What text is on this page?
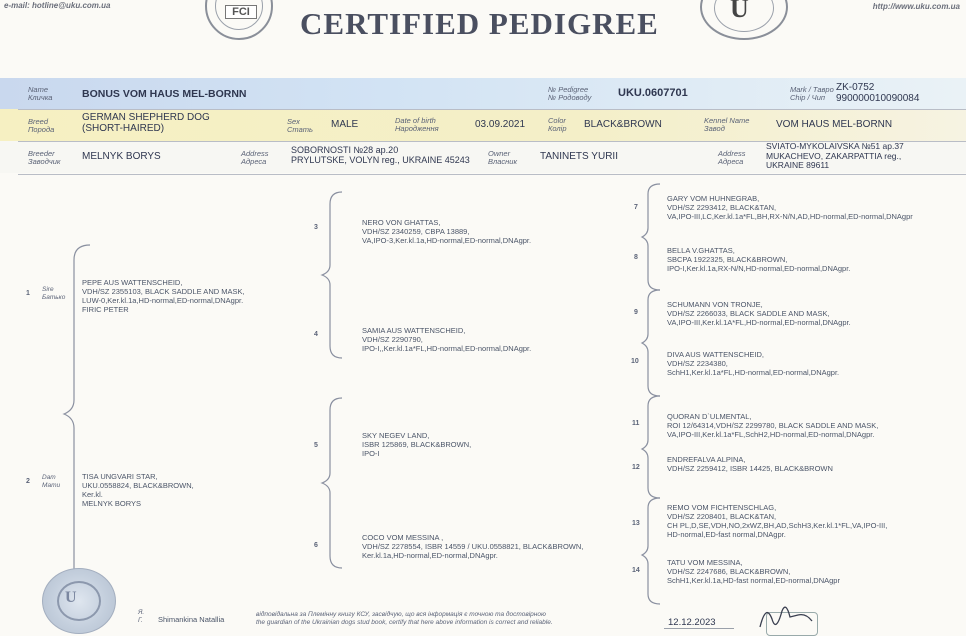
e-mail: hotline@uku.com.ua	http://www.uku.com.ua
FCI CERTIFIED PEDIGREE	U
Name
Кличка	BONUS VOM HAUS MEL-BORNN	№ Pedigree
№ Родоводу UKU.0607701	Mark / Тавро
Chip / Чип
ZK-0752
990000010090084
Breed
Порода
GERMAN SHEPHERD DOG
(SHORT-HAIRED)
Sex
Стать MALE	Date of birth
Народження	03.09.2021	Color
Колір BLACK&BROWN	Kennel Name
Завод	VOM HAUS MEL-BORNN
Breeder
Заводчик MELNYK BORYS	Address
Адреса
SOBORNOSTI №28 ap.20
PRYLUTSKE, VOLYN reg., UKRAINE 45243
Owner
Власник TANINETS YURII	Address
Адреса
SVIATO-MYKOLAIVSKA №51 ap.37
MUKACHEVO, ZAKARPATTIA reg.,
UKRAINE 89611
1
Sire
Батько
PEPE AUS WATTENSCHEID,
VDH/SZ 2355103, BLACK SADDLE AND MASK,
LUW-0,Ker.kl.1a,HD-normal,ED-normal,DNAgpr.
FIRIC PETER
2
Dam
Мати
TISA UNGVARI STAR,
UKU.0558824, BLACK&BROWN,
Ker.kl.
MELNYK BORYS
3
NERO VON GHATTAS,
VDH/SZ 2340259, CBPA 13889,
VA,IPO-3,Ker.kl.1a,HD-normal,ED-normal,DNAgpr.
4	SAMIA AUS WATTENSCHEID,
VDH/SZ 2290790,
IPO-I,,Ker.kl.1a*FL,HD-normal,ED-normal,DNAgpr.
5
SKY NEGEV LAND,
ISBR 125869, BLACK&BROWN,
IPO-I
6
COCO VOM MESSINA ,
VDH/SZ 2278554, ISBR 14559 / UKU.0558821, BLACK&BROWN,
Ker.kl.1a,HD-normal,ED-normal,DNAgpr.
7
GARY VOM HUHNEGRAB,
VDH/SZ 2293412, BLACK&TAN,
VA,IPO-III,LC,Ker.kl.1a*FL,BH,RX-N/N,AD,HD-normal,ED-normal,DNAgpr
8
BELLA V.GHATTAS,
SBCPA 1922325, BLACK&BROWN,
IPO-I,Ker.kl.1a,RX-N/N,HD-normal,ED-normal,DNAgpr.
9
SCHUMANN VON TRONJE,
VDH/SZ 2266033, BLACK SADDLE AND MASK,
VA,IPO-III,Ker.kl.1A*FL,HD-normal,ED-normal,DNAgpr.
10
DIVA AUS WATTENSCHEID,
VDH/SZ 2234380,
SchH1,Ker.kl.1a*FL,HD-normal,ED-normal,DNAgpr.
11
QUORAN D`ULMENTAL,
ROI 12/64314,VDH/SZ 2299780, BLACK SADDLE AND MASK,
VA,IPO-III,Ker.kl.1a*FL,SchH2,HD-normal,ED-normal,DNAgpr.
12
ENDREFALVA ALPINA,
VDH/SZ 2259412, ISBR 14425, BLACK&BROWN
13
REMO VOM FICHTENSCHLAG,
VDH/SZ 2208401, BLACK&TAN,
CH PL,D,SE,VDH,NO,2xWZ,BH,AD,SchH3,Ker.kl.1*FL,VA,IPO-III,
HD-normal,ED-fast normal,DNAgpr.
14
TATU VOM MESSINA,
VDH/SZ 2247686, BLACK&BROWN,
SchH1,Ker.kl.1a,HD-fast normal,ED-normal,DNAgpr
U
Я.
Г. Shimankina Natallia
відповідальна за Племінну книгу КСУ, засвідчую, що вся інформація є точною та достовірною
the guardian of the Ukrainian dogs stud book, certify that here above information is correct and reliable.	12.12.2023
